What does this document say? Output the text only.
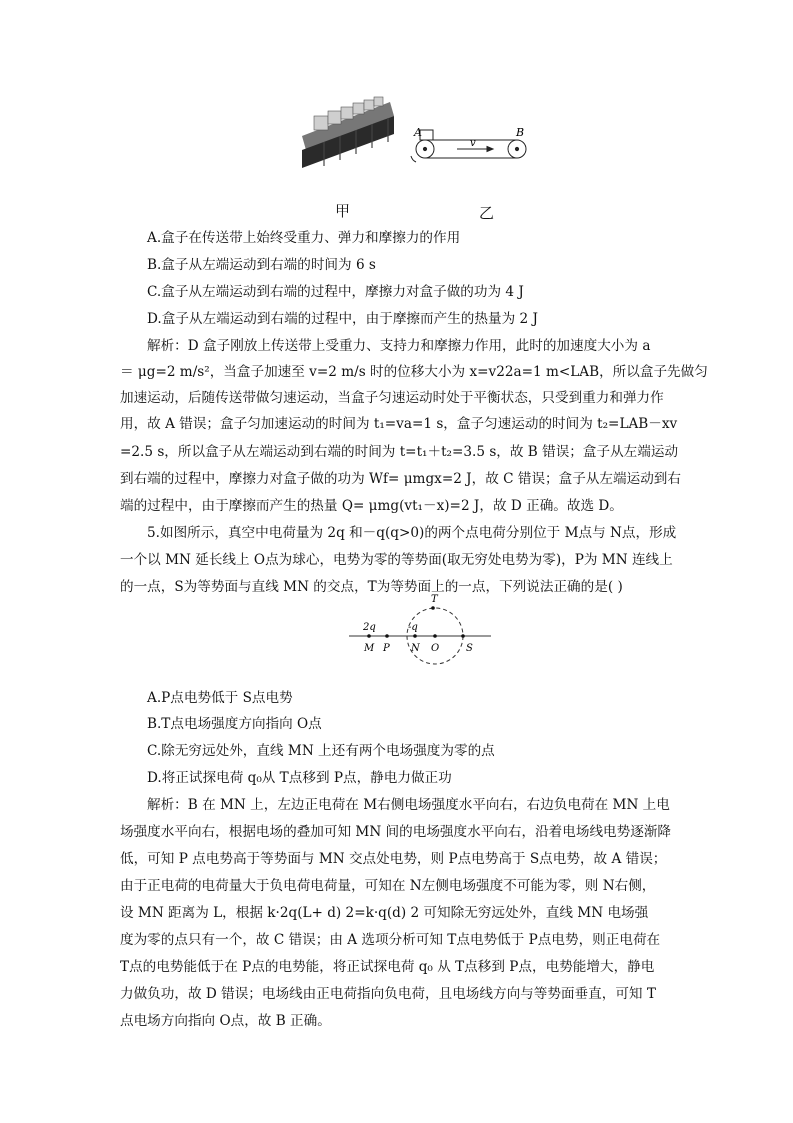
A	B
v
甲	乙
A.盒子在传送带上始终受重力、弹力和摩擦力的作用
B.盒子从左端运动到右端的时间为 6 s
C.盒子从左端运动到右端的过程中，摩擦力对盒子做的功为 4 J
D.盒子从左端运动到右端的过程中，由于摩擦而产生的热量为 2 J
解析：D 盒子刚放上传送带上受重力、支持力和摩擦力作用，此时的加速度大小为 a
＝ μg=2 m/s²，当盒子加速至 v=2 m/s 时的位移大小为 x=v22a=1 m<LAB，所以盒子先做匀
加速运动，后随传送带做匀速运动，当盒子匀速运动时处于平衡状态，只受到重力和弹力作
用，故 A 错误；盒子匀加速运动的时间为 t₁=va=1 s，盒子匀速运动的时间为 t₂=LAB－xv
=2.5 s，所以盒子从左端运动到右端的时间为 t=t₁＋t₂=3.5 s，故 B 错误；盒子从左端运动
到右端的过程中，摩擦力对盒子做的功为 Wf= μmgx=2 J，故 C 错误；盒子从左端运动到右
端的过程中，由于摩擦而产生的热量 Q= μmg(vt₁－x)=2 J，故 D 正确。故选 D。
5.如图所示，真空中电荷量为 2q 和－q(q>0)的两个点电荷分别位于 M点与 N点，形成
一个以 MN 延长线上 O点为球心，电势为零的等势面(取无穷处电势为零)，P为 MN 连线上
的一点，S为等势面与直线 MN 的交点，T为等势面上的一点，下列说法正确的是( )
2q	-q
M P N O	S
T
A.P点电势低于 S点电势
B.T点电场强度方向指向 O点
C.除无穷远处外，直线 MN 上还有两个电场强度为零的点
D.将正试探电荷 q₀从 T点移到 P点，静电力做正功
解析：B 在 MN 上，左边正电荷在 M右侧电场强度水平向右，右边负电荷在 MN 上电
场强度水平向右，根据电场的叠加可知 MN 间的电场强度水平向右，沿着电场线电势逐渐降
低，可知 P 点电势高于等势面与 MN 交点处电势，则 P点电势高于 S点电势，故 A 错误；
由于正电荷的电荷量大于负电荷电荷量，可知在 N左侧电场强度不可能为零，则 N右侧，
设 MN 距离为 L，根据 k·2q(L+ d) 2=k·q(d) 2 可知除无穷远处外，直线 MN 电场强
度为零的点只有一个，故 C 错误；由 A 选项分析可知 T点电势低于 P点电势，则正电荷在
T点的电势能低于在 P点的电势能，将正试探电荷 q₀ 从 T点移到 P点，电势能增大，静电
力做负功，故 D 错误；电场线由正电荷指向负电荷，且电场线方向与等势面垂直，可知 T
点电场方向指向 O点，故 B 正确。
